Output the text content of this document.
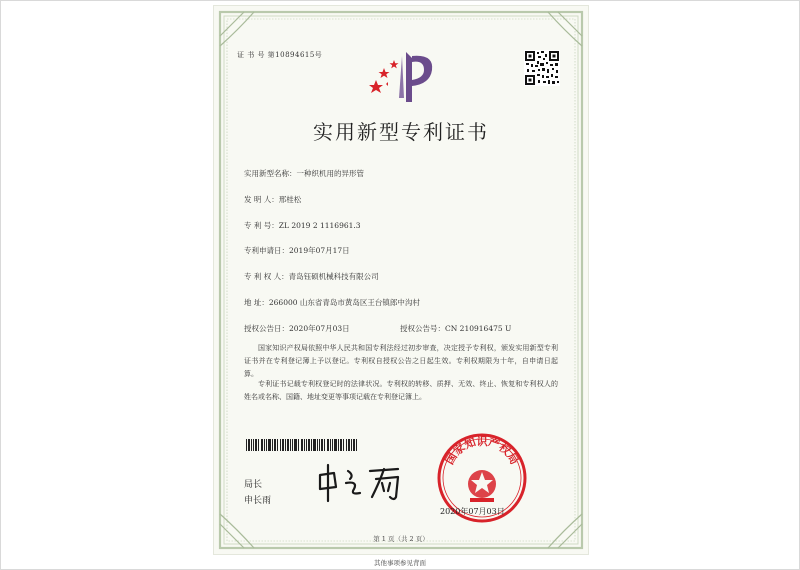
证 书 号 第10894615号
实用新型专利证书
实用新型名称：一种织机用的异形管
发 明 人：邢桂松
专 利 号：ZL 2019 2 1116961.3
专利申请日：2019年07月17日
专 利 权 人：青岛钰硕机械科技有限公司
地 址：266000 山东省青岛市黄岛区王台镇郎中沟村
授权公告日：2020年07月03日	授权公告号：CN 210916475 U
国家知识产权局依照中华人民共和国专利法经过初步审查，决定授予专利权，颁发实用新型专利证书并在专利登记簿上予以登记。专利权自授权公告之日起生效。专利权期限为十年，自申请日起算。
专利证书记载专利权登记时的法律状况。专利权的转移、质押、无效、终止、恢复和专利权人的姓名或名称、国籍、地址变更等事项记载在专利登记簿上。
局长
申长雨
国家知识产权局
2020年07月03日
第 1 页（共 2 页）
其他事项参见背面
